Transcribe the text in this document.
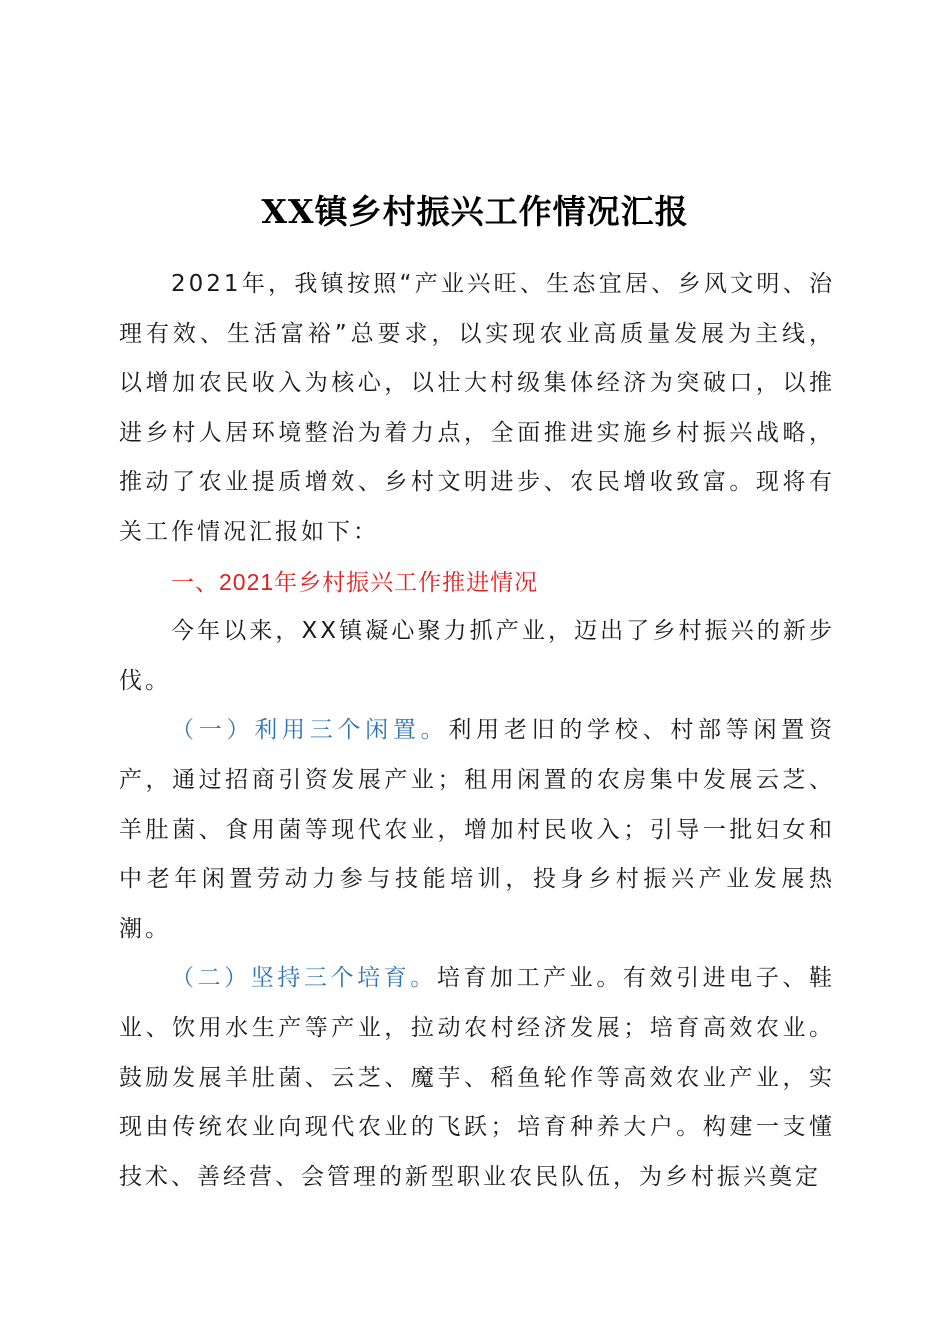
XX镇乡村振兴工作情况汇报

2021年，我镇按照“产业兴旺、生态宜居、乡风文明、治理有效、生活富裕”总要求，以实现农业高质量发展为主线，以增加农民收入为核心，以壮大村级集体经济为突破口，以推进乡村人居环境整治为着力点，全面推进实施乡村振兴战略，推动了农业提质增效、乡村文明进步、农民增收致富。现将有关工作情况汇报如下：

一、2021年乡村振兴工作推进情况

今年以来，XX镇凝心聚力抓产业，迈出了乡村振兴的新步伐。

（一）利用三个闲置。利用老旧的学校、村部等闲置资产，通过招商引资发展产业；租用闲置的农房集中发展云芝、羊肚菌、食用菌等现代农业，增加村民收入；引导一批妇女和中老年闲置劳动力参与技能培训，投身乡村振兴产业发展热潮。

（二）坚持三个培育。培育加工产业。有效引进电子、鞋业、饮用水生产等产业，拉动农村经济发展；培育高效农业。鼓励发展羊肚菌、云芝、魔芋、稻鱼轮作等高效农业产业，实现由传统农业向现代农业的飞跃；培育种养大户。构建一支懂技术、善经营、会管理的新型职业农民队伍，为乡村振兴奠定
